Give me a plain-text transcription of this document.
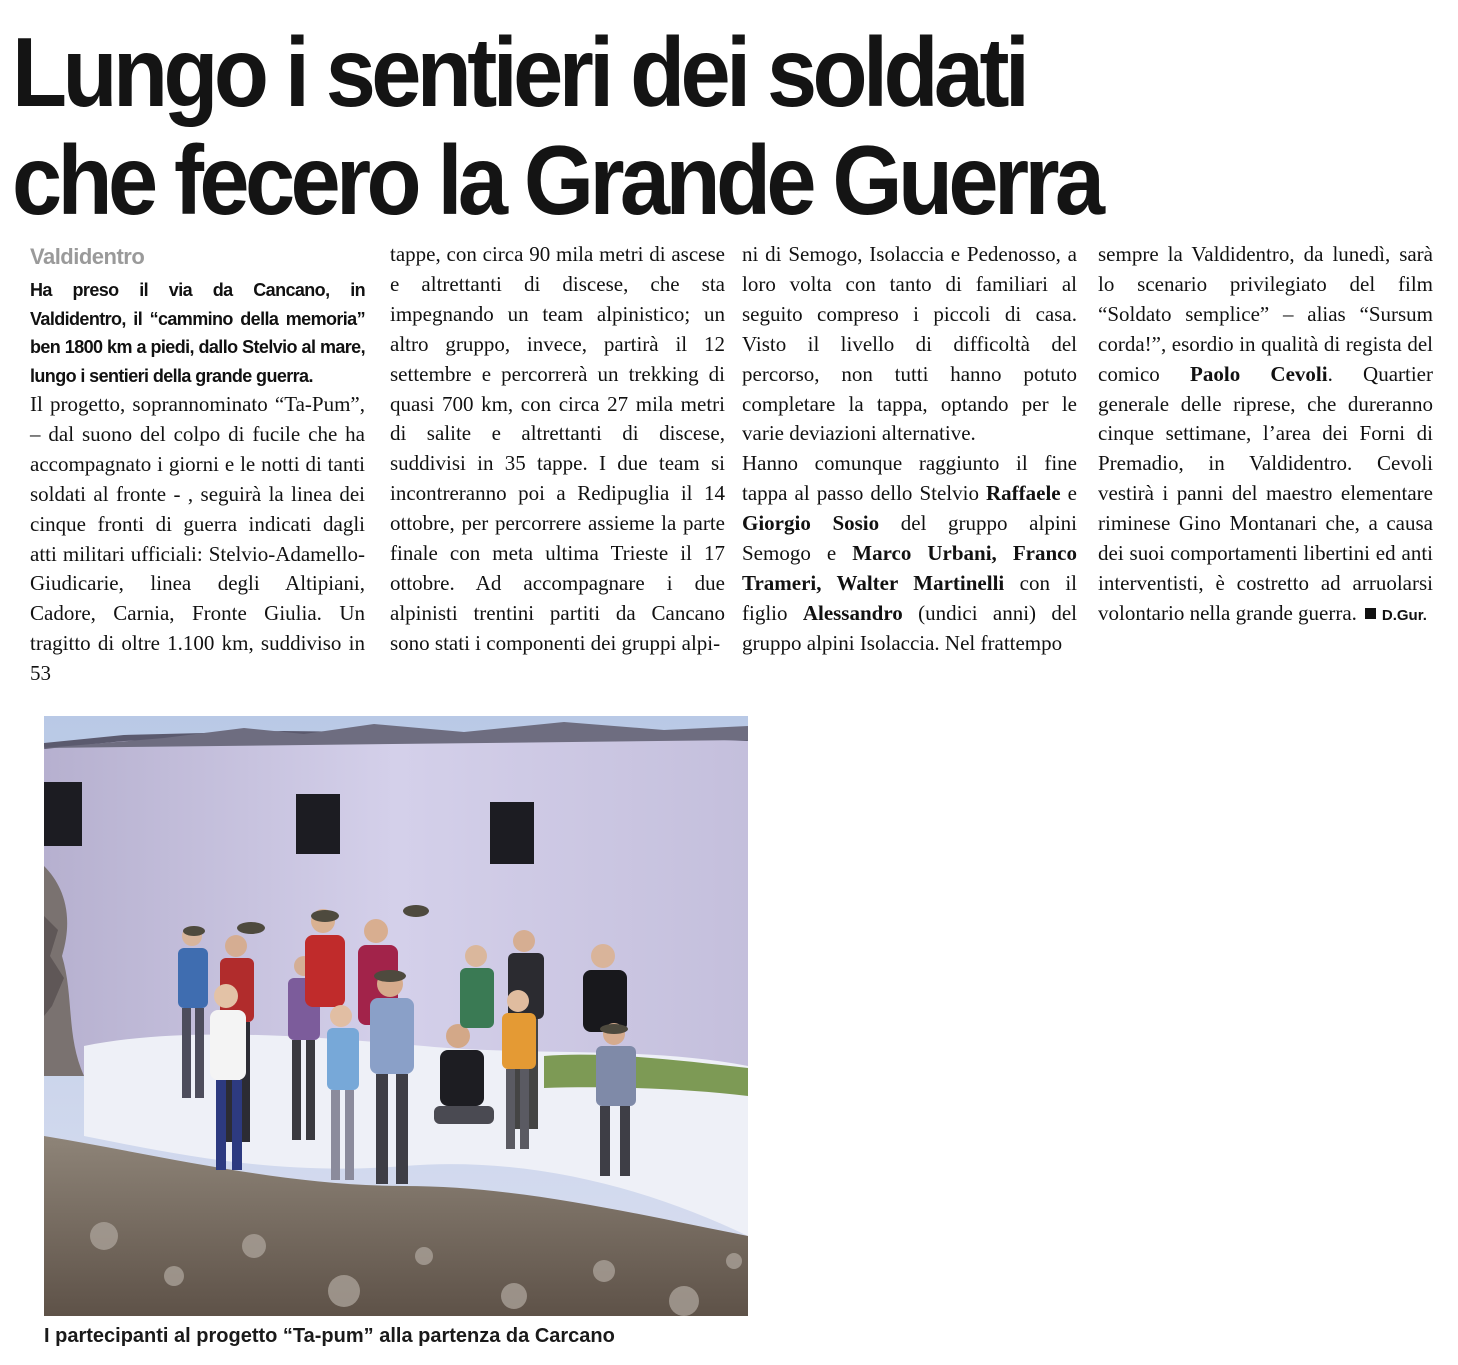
Lungo i sentieri dei soldati
che fecero la Grande Guerra
Valdidentro

Ha preso il via da Cancano, in Valdidentro, il “cammino della memoria” ben 1800 km a piedi, dallo Stelvio al mare, lungo i sentieri della grande guerra.

Il progetto, soprannominato “Ta-Pum”, – dal suono del colpo di fucile che ha accompagnato i giorni e le notti di tanti soldati al fronte - , seguirà la linea dei cinque fronti di guerra indicati dagli atti militari ufficiali: Stelvio-Adamello-Giudicarie, linea degli Altipiani, Cadore, Carnia, Fronte Giulia. Un tragitto di oltre 1.100 km, suddiviso in 53

tappe, con circa 90 mila metri di ascese e altrettanti di discese, che sta impegnando un team alpinistico; un altro gruppo, invece, partirà il 12 settembre e percorrerà un trekking di quasi 700 km, con circa 27 mila metri di salite e altrettanti di discese, suddivisi in 35 tappe. I due team si incontreranno poi a Redipuglia il 14 ottobre, per percorrere assieme la parte finale con meta ultima Trieste il 17 ottobre. Ad accompagnare i due alpinisti trentini partiti da Cancano sono stati i componenti dei gruppi alpi-

ni di Semogo, Isolaccia e Pedenosso, a loro volta con tanto di familiari al seguito compreso i piccoli di casa. Visto il livello di difficoltà del percorso, non tutti hanno potuto completare la tappa, optando per le varie deviazioni alternative.

Hanno comunque raggiunto il fine tappa al passo dello Stelvio Raffaele e Giorgio Sosio del gruppo alpini Semogo e Marco Urbani, Franco Trameri, Walter Martinelli con il figlio Alessandro (undici anni) del gruppo alpini Isolaccia. Nel frattempo

sempre la Valdidentro, da lunedì, sarà lo scenario privilegiato del film “Soldato semplice” – alias “Sursum corda!”, esordio in qualità di regista del comico Paolo Cevoli. Quartier generale delle riprese, che dureranno cinque settimane, l’area dei Forni di Premadio, in Valdidentro. Cevoli vestirà i panni del maestro elementare riminese Gino Montanari che, a causa dei suoi comportamenti libertini ed anti interventisti, è costretto ad arruolarsi volontario nella grande guerra. D.Gur.

I partecipanti al progetto “Ta-pum” alla partenza da Carcano
